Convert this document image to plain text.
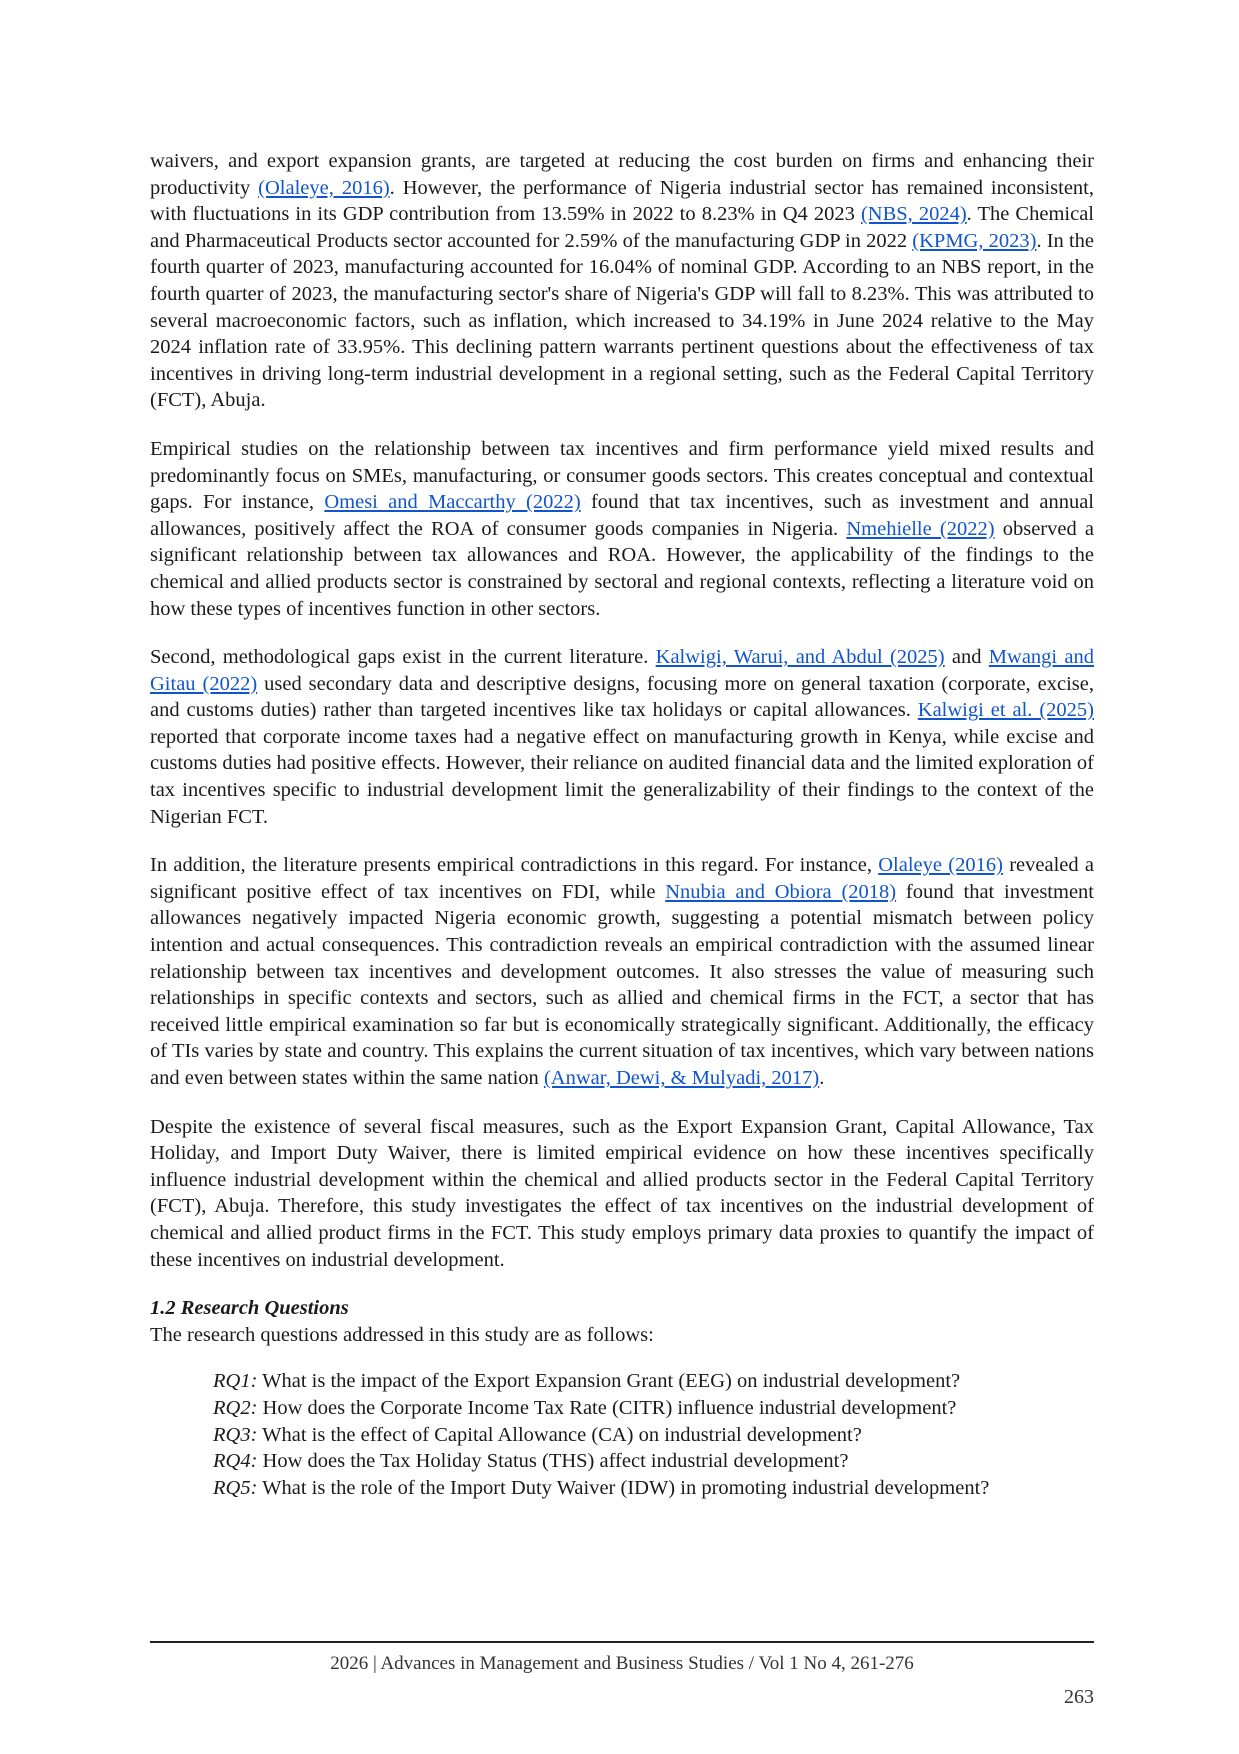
waivers, and export expansion grants, are targeted at reducing the cost burden on firms and enhancing their productivity (Olaleye, 2016). However, the performance of Nigeria industrial sector has remained inconsistent, with fluctuations in its GDP contribution from 13.59% in 2022 to 8.23% in Q4 2023 (NBS, 2024). The Chemical and Pharmaceutical Products sector accounted for 2.59% of the manufacturing GDP in 2022 (KPMG, 2023). In the fourth quarter of 2023, manufacturing accounted for 16.04% of nominal GDP. According to an NBS report, in the fourth quarter of 2023, the manufacturing sector's share of Nigeria's GDP will fall to 8.23%. This was attributed to several macroeconomic factors, such as inflation, which increased to 34.19% in June 2024 relative to the May 2024 inflation rate of 33.95%. This declining pattern warrants pertinent questions about the effectiveness of tax incentives in driving long-term industrial development in a regional setting, such as the Federal Capital Territory (FCT), Abuja.

Empirical studies on the relationship between tax incentives and firm performance yield mixed results and predominantly focus on SMEs, manufacturing, or consumer goods sectors. This creates conceptual and contextual gaps. For instance, Omesi and Maccarthy (2022) found that tax incentives, such as investment and annual allowances, positively affect the ROA of consumer goods companies in Nigeria. Nmehielle (2022) observed a significant relationship between tax allowances and ROA. However, the applicability of the findings to the chemical and allied products sector is constrained by sectoral and regional contexts, reflecting a literature void on how these types of incentives function in other sectors.

Second, methodological gaps exist in the current literature. Kalwigi, Warui, and Abdul (2025) and Mwangi and Gitau (2022) used secondary data and descriptive designs, focusing more on general taxation (corporate, excise, and customs duties) rather than targeted incentives like tax holidays or capital allowances. Kalwigi et al. (2025) reported that corporate income taxes had a negative effect on manufacturing growth in Kenya, while excise and customs duties had positive effects. However, their reliance on audited financial data and the limited exploration of tax incentives specific to industrial development limit the generalizability of their findings to the context of the Nigerian FCT.

In addition, the literature presents empirical contradictions in this regard. For instance, Olaleye (2016) revealed a significant positive effect of tax incentives on FDI, while Nnubia and Obiora (2018) found that investment allowances negatively impacted Nigeria economic growth, suggesting a potential mismatch between policy intention and actual consequences. This contradiction reveals an empirical contradiction with the assumed linear relationship between tax incentives and development outcomes. It also stresses the value of measuring such relationships in specific contexts and sectors, such as allied and chemical firms in the FCT, a sector that has received little empirical examination so far but is economically strategically significant. Additionally, the efficacy of TIs varies by state and country. This explains the current situation of tax incentives, which vary between nations and even between states within the same nation (Anwar, Dewi, & Mulyadi, 2017).

Despite the existence of several fiscal measures, such as the Export Expansion Grant, Capital Allowance, Tax Holiday, and Import Duty Waiver, there is limited empirical evidence on how these incentives specifically influence industrial development within the chemical and allied products sector in the Federal Capital Territory (FCT), Abuja. Therefore, this study investigates the effect of tax incentives on the industrial development of chemical and allied product firms in the FCT. This study employs primary data proxies to quantify the impact of these incentives on industrial development.

1.2 Research Questions

The research questions addressed in this study are as follows:

RQ1: What is the impact of the Export Expansion Grant (EEG) on industrial development?
RQ2: How does the Corporate Income Tax Rate (CITR) influence industrial development?
RQ3: What is the effect of Capital Allowance (CA) on industrial development?
RQ4: How does the Tax Holiday Status (THS) affect industrial development?
RQ5: What is the role of the Import Duty Waiver (IDW) in promoting industrial development?
2026 | Advances in Management and Business Studies / Vol 1 No 4, 261-276
263
